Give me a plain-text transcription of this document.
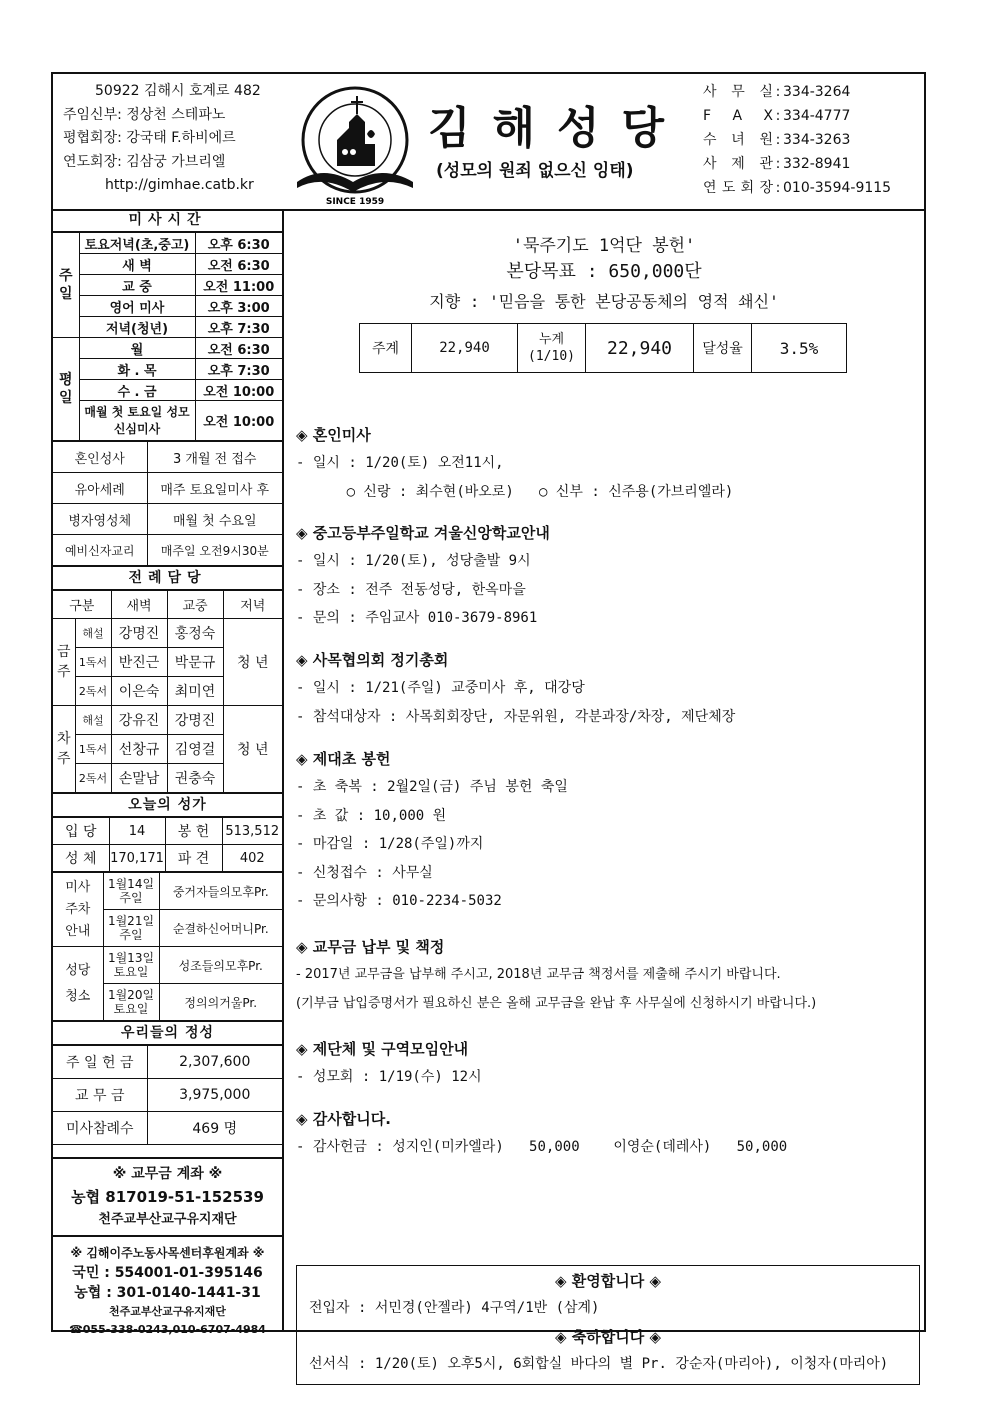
50922 김해시 호계로 482
주임신부: 정상천 스테파노
평협회장: 강국태 F.하비에르
연도회장: 김삼궁 가브리엘
http://gimhae.catb.kr
SINCE 1959
김해성당
(성모의 원죄 없으신 잉태)
사 무 실 : 334-3264
F A X : 334-4777
수 녀 원 : 334-3263
사 제 관 : 332-8941
연 도 회 장 : 010-3594-9115
미사시간
주
일	토요저녁(초,중고)	오후 6:30
	새 벽	오전 6:30
	교 중	오전 11:00
	영어 미사	오후 3:00
	저녁(청년)	오후 7:30
평
일	월	오전 6:30
	화 . 목	오후 7:30
	수 . 금	오전 10:00
	매월 첫 토요일 성모신심미사	오전 10:00
혼인성사	3 개월 전 접수
유아세례	매주 토요일미사 후
병자영성체	매월 첫 수요일
예비신자교리	매주일 오전9시30분
전례담당
구분		새벽	교중	저녁
금
주	해설	강명진	홍정숙	청 년
	1독서	반진근	박문규	
	2독서	이은숙	최미연	
차
주	해설	강유진	강명진	청 년
	1독서	선창규	김영걸	
	2독서	손말남	권충숙	
오늘의 성가
입 당	14	봉 헌	513,512
성 체	170,171	파 견	402
미사
주차
안내	1월14일 주일	중거자들의모후Pr.
	1월21일 주일	순결하신어머니Pr.
성당
청소	1월13일 토요일	성조들의모후Pr.
	1월20일 토요일	정의의거울Pr.
우리들의 정성
주 일 헌 금	2,307,600
교 무 금	3,975,000
미사참례수	469 명
※ 교무금 계좌 ※
농협 817019-51-152539
천주교부산교구유지재단
※ 김해이주노동사목센터후원계좌 ※
국민 : 554001-01-395146
농협 : 301-0140-1441-31
천주교부산교구유지재단
☎055-338-0243,010-6707-4984
'묵주기도 1억단 봉헌'
본당목표 : 650,000단
지향 : '믿음을 통한 본당공동체의 영적 쇄신'
주계	22,940	누계 (1/10)	22,940	달성율	3.5%
◈ 혼인미사
- 일시 : 1/20(토) 오전11시,
○ 신랑 : 최수현(바오로)   ○ 신부 : 신주용(가브리엘라)
◈ 중고등부주일학교 겨울신앙학교안내
- 일시 : 1/20(토), 성당출발 9시
- 장소 : 전주 전동성당, 한옥마을
- 문의 : 주임교사 010-3679-8961
◈ 사목협의회 정기총회
- 일시 : 1/21(주일) 교중미사 후, 대강당
- 참석대상자 : 사목회회장단, 자문위원, 각분과장/차장, 제단체장
◈ 제대초 봉헌
- 초 축복 : 2월2일(금) 주님 봉헌 축일
- 초 값 : 10,000 원
- 마감일 : 1/28(주일)까지
- 신청접수 : 사무실
- 문의사항 : 010-2234-5032
◈ 교무금 납부 및 책정
- 2017년 교무금을 납부해 주시고, 2018년 교무금 책정서를 제출해 주시기 바랍니다.
(기부금 납입증명서가 필요하신 분은 올해 교무금을 완납 후 사무실에 신청하시기 바랍니다.)
◈ 제단체 및 구역모임안내
- 성모회 : 1/19(수) 12시
◈ 감사합니다.
- 감사헌금 : 성지인(미카엘라)   50,000    이영순(데레사)   50,000
◈ 환영합니다 ◈
전입자 : 서민경(안젤라) 4구역/1반 (삼계)
◈ 축하합니다 ◈
선서식 : 1/20(토) 오후5시, 6회합실 바다의 별 Pr. 강순자(마리아), 이청자(마리아)
